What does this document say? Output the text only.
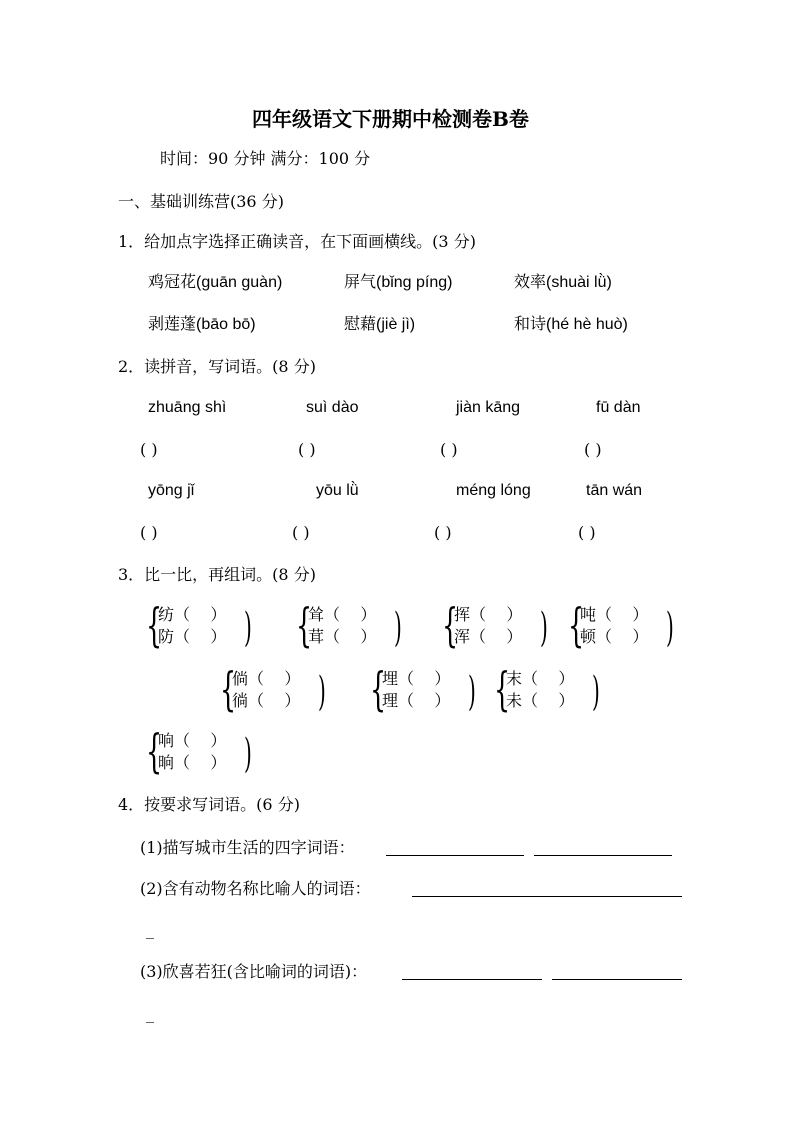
四年级语文下册期中检测卷B卷
时间：90 分钟 满分：100 分
一、基础训练营(36 分)
1．给加点字选择正确读音，在下面画横线。(3 分)
鸡冠花(guān guàn)	屏气(bǐng píng)	效率(shuài lǜ)
剥莲蓬(bāo bō)	慰藉(jiè jì)	和诗(hé hè huò)
2．读拼音，写词语。(8 分)
zhuāng shì	suì dào	jiàn kāng	fū dàn
( )	( )	( )	( )
yōng jǐ	yōu lǜ	méng lóng	tān wán
( )	( )	( )	( )
3．比一比，再组词。(8 分)
{
纺（    ）
防（    ） ) {
耸（    ）
茸（    ） ) {
挥（    ）
浑（    ） ) {
吨（    ）
顿（    ） )
{
倘（    ）
徜（    ） ) {
埋（    ）
理（    ） ) {
末（    ）
未（    ） )
{
响（    ）
晌（    ） )
4．按要求写词语。(6 分)
(1)描写城市生活的四字词语：
(2)含有动物名称比喻人的词语：
_
(3)欣喜若狂(含比喻词的词语)：
_
